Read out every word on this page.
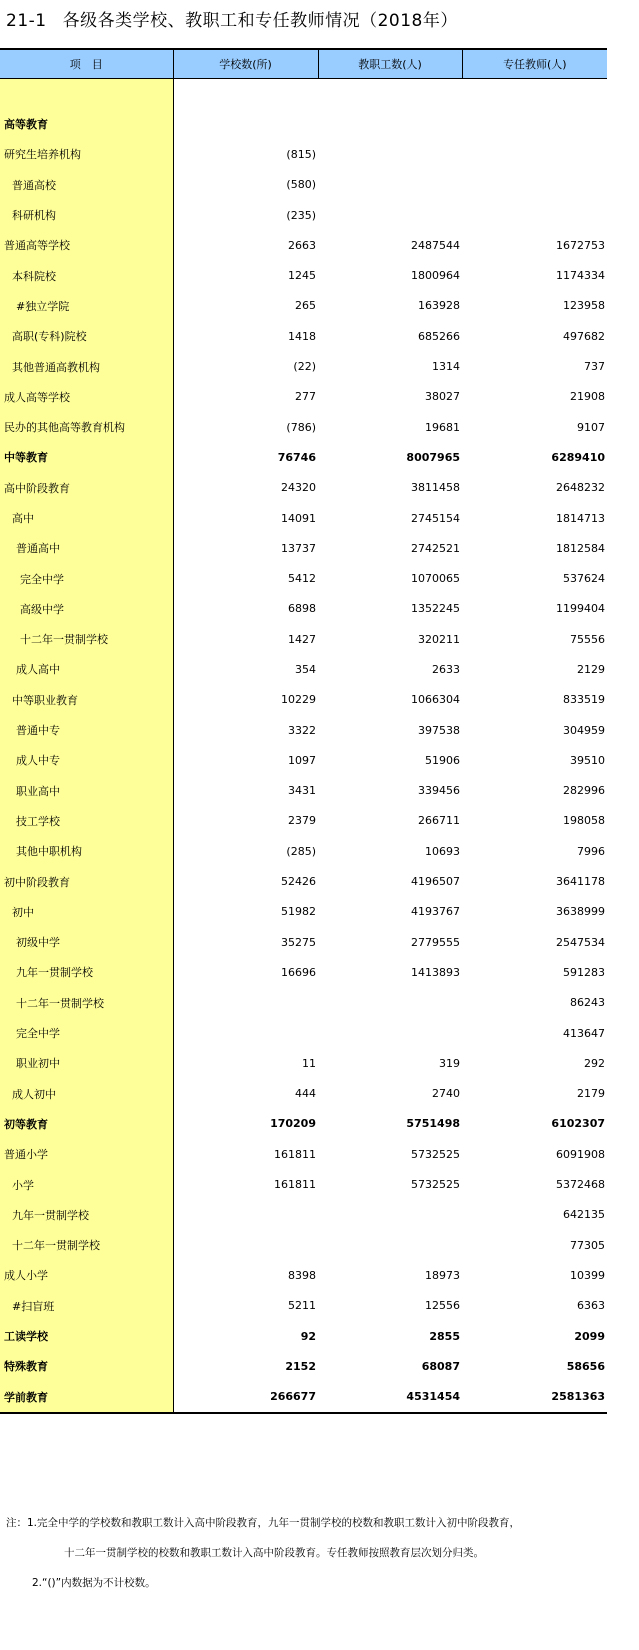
21-1 各级各类学校、教职工和专任教师情况（2018年）
项　目	学校数(所)	教职工数(人)	专任教师(人)

高等教育			
研究生培养机构	(815)		
普通高校	(580)		
科研机构	(235)		
普通高等学校	2663	2487544	1672753
本科院校	1245	1800964	1174334
#独立学院	265	163928	123958
高职(专科)院校	1418	685266	497682
其他普通高教机构	(22)	1314	737
成人高等学校	277	38027	21908
民办的其他高等教育机构	(786)	19681	9107
中等教育	76746	8007965	6289410
高中阶段教育	24320	3811458	2648232
高中	14091	2745154	1814713
普通高中	13737	2742521	1812584
完全中学	5412	1070065	537624
高级中学	6898	1352245	1199404
十二年一贯制学校	1427	320211	75556
成人高中	354	2633	2129
中等职业教育	10229	1066304	833519
普通中专	3322	397538	304959
成人中专	1097	51906	39510
职业高中	3431	339456	282996
技工学校	2379	266711	198058
其他中职机构	(285)	10693	7996
初中阶段教育	52426	4196507	3641178
初中	51982	4193767	3638999
初级中学	35275	2779555	2547534
九年一贯制学校	16696	1413893	591283
十二年一贯制学校			86243
完全中学			413647
职业初中	11	319	292
成人初中	444	2740	2179
初等教育	170209	5751498	6102307
普通小学	161811	5732525	6091908
小学	161811	5732525	5372468
九年一贯制学校			642135
十二年一贯制学校			77305
成人小学	8398	18973	10399
#扫盲班	5211	12556	6363
工读学校	92	2855	2099
特殊教育	2152	68087	58656
学前教育	266677	4531454	2581363
注：1.完全中学的学校数和教职工数计入高中阶段教育，九年一贯制学校的校数和教职工数计入初中阶段教育，
十二年一贯制学校的校数和教职工数计入高中阶段教育。专任教师按照教育层次划分归类。
2.“()”内数据为不计校数。
